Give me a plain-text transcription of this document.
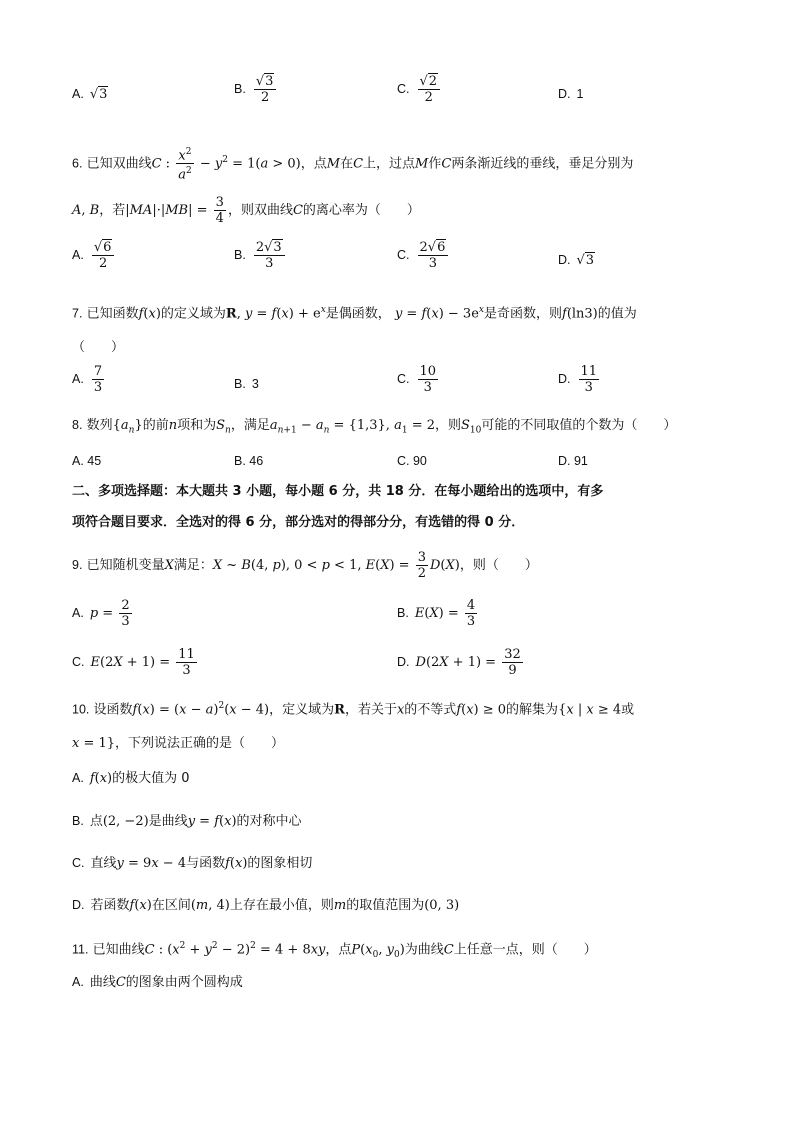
A. √3	B. $\frac{√3}{2}$	C. $\frac{√2}{2}$	D. 1
6. 已知双曲线C : $\frac{x^2}{a^2} - y^2 = 1(a > 0)$，点M在C上，过点M作C两条渐近线的垂线，垂足分别为
A, B，若$|MA|\cdot|MB| = \frac{3}{4}$ ，则双曲线C的离心率为（　　）
A. $\frac{√6}{2}$	B. $\frac{2√3}{3}$	C. $\frac{2√6}{3}$	D. √3
7. 已知函数f(x)的定义域为R, $y = f(x) + e^x$是偶函数， $y = f(x) - 3e^x$是奇函数，则f(ln3)的值为
（　　）
A. $\frac{7}{3}$	B. 3	C. $\frac{10}{3}$	D. $\frac{11}{3}$
8. 数列$\{a_n\}$的前n项和为$S_n$，满足$a_{n+1} - a_n = \{1,3\}$, $a_1 = 2$，则$S_{10}$可能的不同取值的个数为（　　）
A. 45	B. 46	C. 90	D. 91
二、多项选择题：本大题共 3 小题，每小题 6 分，共 18 分．在每小题给出的选项中，有多
项符合题目要求．全选对的得 6 分，部分选对的得部分分，有选错的得 0 分．
9. 已知随机变量X满足：X ~ B(4, p), 0 < p < 1, $E(X) = \frac{3}{2} D(X)$，则（　　）
A. $p = \frac{2}{3}$	B. $E(X) = \frac{4}{3}$
C. $E(2X + 1) = \frac{11}{3}$	D. $D(2X + 1) = \frac{32}{9}$
10. 设函数$f(x) = (x - a)^2(x - 4)$，定义域为R，若关于x的不等式f(x) ≥ 0的解集为{x | x ≥ 4或
x = 1}，下列说法正确的是（　　）
A. f(x)的极大值为 0
B. 点(2, −2)是曲线y = f(x)的对称中心
C. 直线y = 9x − 4与函数f(x)的图象相切
D. 若函数f(x)在区间(m, 4)上存在最小值，则m的取值范围为(0, 3)
11. 已知曲线C : $(x^2 + y^2 - 2)^2 = 4 + 8xy$，点$P(x_0$, $y_0$)为曲线C上任意一点，则（　　）
A. 曲线C的图象由两个圆构成
